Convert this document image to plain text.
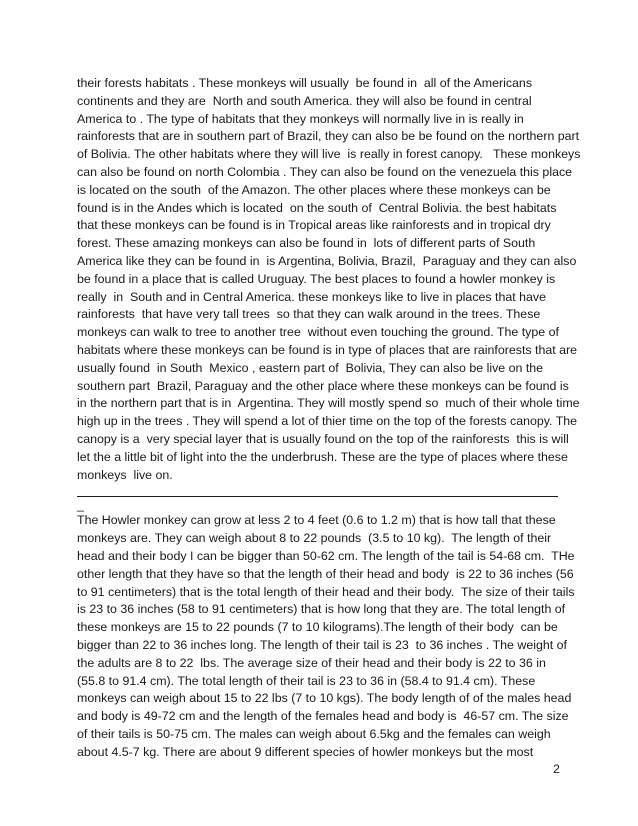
their forests habitats . These monkeys will usually  be found in  all of the Americans
continents and they are  North and south America. they will also be found in central
America to . The type of habitats that they monkeys will normally live in is really in
rainforests that are in southern part of Brazil, they can also be be found on the northern part
of Bolivia. The other habitats where they will live  is really in forest canopy.   These monkeys
can also be found on north Colombia . They can also be found on the venezuela this place
is located on the south  of the Amazon. The other places where these monkeys can be
found is in the Andes which is located  on the south of  Central Bolivia. the best habitats
that these monkeys can be found is in Tropical areas like rainforests and in tropical dry
forest. These amazing monkeys can also be found in  lots of different parts of South
America like they can be found in  is Argentina, Bolivia, Brazil,  Paraguay and they can also
be found in a place that is called Uruguay. The best places to found a howler monkey is
really  in  South and in Central America. these monkeys like to live in places that have
rainforests  that have very tall trees  so that they can walk around in the trees. These
monkeys can walk to tree to another tree  without even touching the ground. The type of
habitats where these monkeys can be found is in type of places that are rainforests that are
usually found  in South  Mexico , eastern part of  Bolivia, They can also be live on the
southern part  Brazil, Paraguay and the other place where these monkeys can be found is
in the northern part that is in  Argentina. They will mostly spend so  much of their whole time
high up in the trees . They will spend a lot of thier time on the top of the forests canopy. The
canopy is a  very special layer that is usually found on the top of the rainforests  this is will
let the a little bit of light into the the underbrush. These are the type of places where these
monkeys  live on.
_
The Howler monkey can grow at less 2 to 4 feet (0.6 to 1.2 m) that is how tall that these
monkeys are. They can weigh about 8 to 22 pounds  (3.5 to 10 kg).  The length of their
head and their body I can be bigger than 50-62 cm. The length of the tail is 54-68 cm.  THe
other length that they have so that the length of their head and body  is 22 to 36 inches (56
to 91 centimeters) that is the total length of their head and their body.  The size of their tails
is 23 to 36 inches (58 to 91 centimeters) that is how long that they are. The total length of
these monkeys are 15 to 22 pounds (7 to 10 kilograms).The length of their body  can be
bigger than 22 to 36 inches long. The length of their tail is 23  to 36 inches . The weight of
the adults are 8 to 22  lbs. The average size of their head and their body is 22 to 36 in
(55.8 to 91.4 cm). The total length of their tail is 23 to 36 in (58.4 to 91.4 cm). These
monkeys can weigh about 15 to 22 lbs (7 to 10 kgs). The body length of of the males head
and body is 49-72 cm and the length of the females head and body is  46-57 cm. The size
of their tails is 50-75 cm. The males can weigh about 6.5kg and the females can weigh
about 4.5-7 kg. There are about 9 different species of howler monkeys but the most
2
